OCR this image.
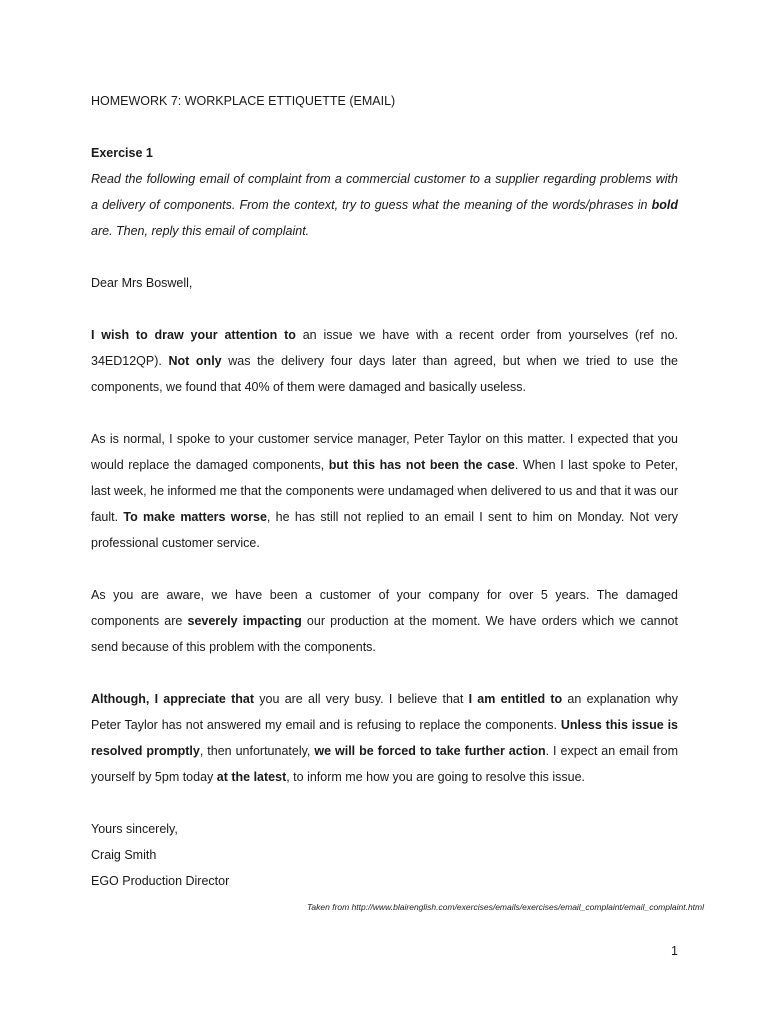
HOMEWORK 7: WORKPLACE ETTIQUETTE (EMAIL)

Exercise 1

Read the following email of complaint from a commercial customer to a supplier regarding problems with a delivery of components. From the context, try to guess what the meaning of the words/phrases in bold are. Then, reply this email of complaint.

Dear Mrs Boswell,

I wish to draw your attention to an issue we have with a recent order from yourselves (ref no. 34ED12QP). Not only was the delivery four days later than agreed, but when we tried to use the components, we found that 40% of them were damaged and basically useless.

As is normal, I spoke to your customer service manager, Peter Taylor on this matter. I expected that you would replace the damaged components, but this has not been the case. When I last spoke to Peter, last week, he informed me that the components were undamaged when delivered to us and that it was our fault. To make matters worse, he has still not replied to an email I sent to him on Monday. Not very professional customer service.

As you are aware, we have been a customer of your company for over 5 years. The damaged components are severely impacting our production at the moment. We have orders which we cannot send because of this problem with the components.

Although, I appreciate that you are all very busy. I believe that I am entitled to an explanation why Peter Taylor has not answered my email and is refusing to replace the components. Unless this issue is resolved promptly, then unfortunately, we will be forced to take further action. I expect an email from yourself by 5pm today at the latest, to inform me how you are going to resolve this issue.

Yours sincerely,

Craig Smith

EGO Production Director

Taken from http://www.blairenglish.com/exercises/emails/exercises/email_complaint/email_complaint.html
1
